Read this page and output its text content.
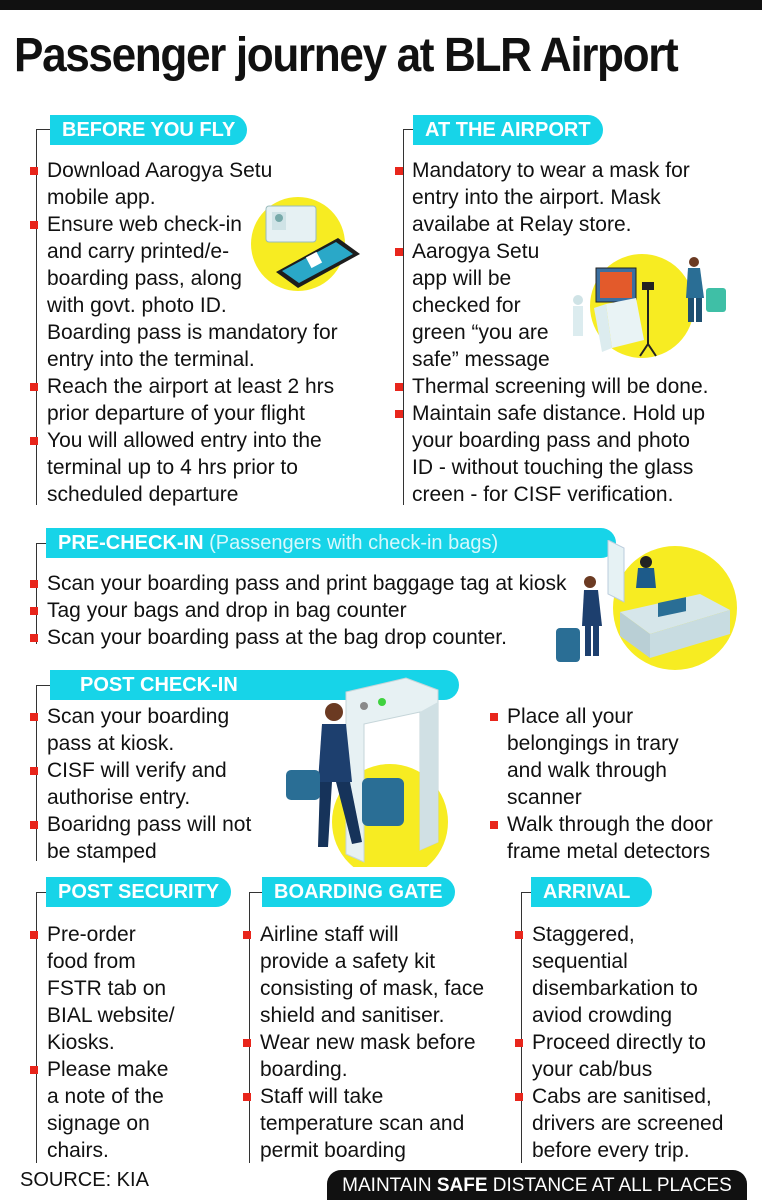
Passenger journey at BLR Airport
BEFORE YOU FLY
Download Aarogya Setu
mobile app.
Ensure web check-in
and carry printed/e-
boarding pass, along
with govt. photo ID.
Boarding pass is mandatory for
entry into the terminal.
Reach the airport at least 2 hrs
prior departure of your flight
You will allowed entry into the
terminal up to 4 hrs prior to
scheduled departure
AT THE AIRPORT
Mandatory to wear a mask for
entry into the airport. Mask
availabe at Relay store.
Aarogya Setu
app will be
checked for
green “you are
safe” message
Thermal screening will be done.
Maintain safe distance. Hold up
your boarding pass and photo
ID - without touching the glass
creen - for CISF verification.
PRE-CHECK-IN (Passengers with check-in bags)
Scan your boarding pass and print baggage tag at kiosk
Tag your bags and drop in bag counter
Scan your boarding pass at the bag drop counter.
POST CHECK-IN
Scan your boarding
pass at kiosk.
CISF will verify and
authorise entry.
Boaridng pass will not
be stamped
Place all your
belongings in trary
and walk through
scanner
Walk through the door
frame metal detectors
POST SECURITY
Pre-order
food from
FSTR tab on
BIAL website/
Kiosks.
Please make
a note of the
signage on
chairs.
BOARDING GATE
Airline staff will
provide a safety kit
consisting of mask, face
shield and sanitiser.
Wear new mask before
boarding.
Staff will take
temperature scan and
permit boarding
ARRIVAL
Staggered,
sequential
disembarkation to
aviod crowding
Proceed directly to
your cab/bus
Cabs are sanitised,
drivers are screened
before every trip.
SOURCE: KIA	MAINTAIN SAFE DISTANCE AT ALL PLACES
